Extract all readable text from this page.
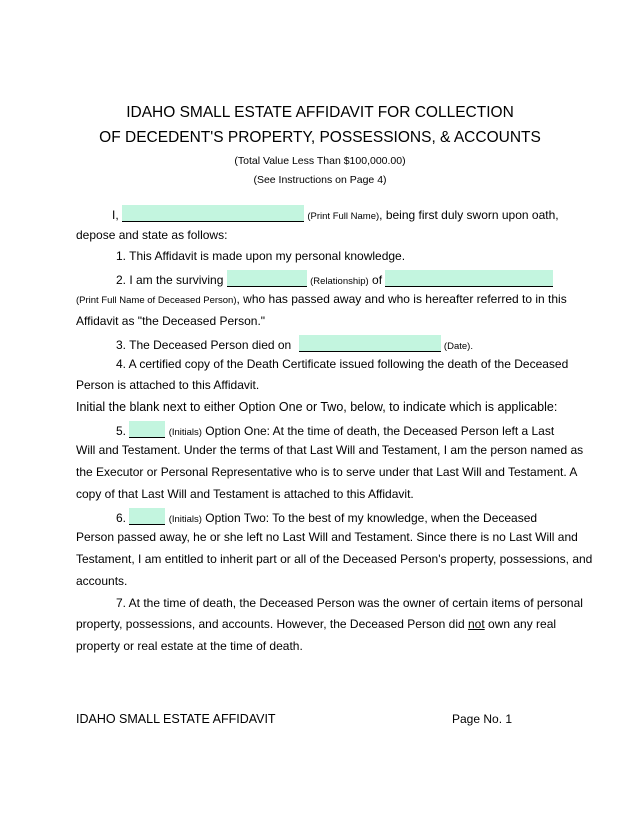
IDAHO SMALL ESTATE AFFIDAVIT FOR COLLECTION
OF DECEDENT'S PROPERTY, POSSESSIONS, & ACCOUNTS
(Total Value Less Than $100,000.00)
(See Instructions on Page 4)
I,	(Print Full Name), being first duly sworn upon oath,
depose and state as follows:
1. This Affidavit is made upon my personal knowledge.
2. I am the surviving	(Relationship) of
(Print Full Name of Deceased Person), who has passed away and who is hereafter referred to in this
Affidavit as "the Deceased Person."
3. The Deceased Person died on	(Date).
4. A certified copy of the Death Certificate issued following the death of the Deceased
Person is attached to this Affidavit.
Initial the blank next to either Option One or Two, below, to indicate which is applicable:
5.	(Initials) Option One: At the time of death, the Deceased Person left a Last
Will and Testament. Under the terms of that Last Will and Testament, I am the person named as
the Executor or Personal Representative who is to serve under that Last Will and Testament. A
copy of that Last Will and Testament is attached to this Affidavit.
6.	(Initials) Option Two: To the best of my knowledge, when the Deceased
Person passed away, he or she left no Last Will and Testament. Since there is no Last Will and
Testament, I am entitled to inherit part or all of the Deceased Person's property, possessions, and
accounts.
7. At the time of death, the Deceased Person was the owner of certain items of personal
property, possessions, and accounts. However, the Deceased Person did not own any real
property or real estate at the time of death.
IDAHO SMALL ESTATE AFFIDAVIT	Page No. 1
